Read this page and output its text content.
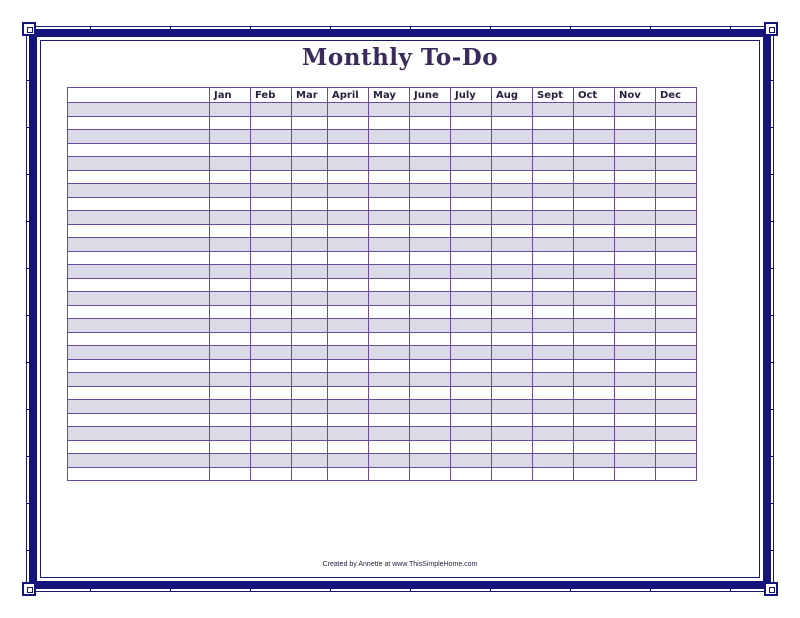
Monthly To-Do
	Jan	Feb	Mar	April	May	June	July	Aug	Sept	Oct	Nov	Dec

Created by Annette at www.ThisSimpleHome.com
